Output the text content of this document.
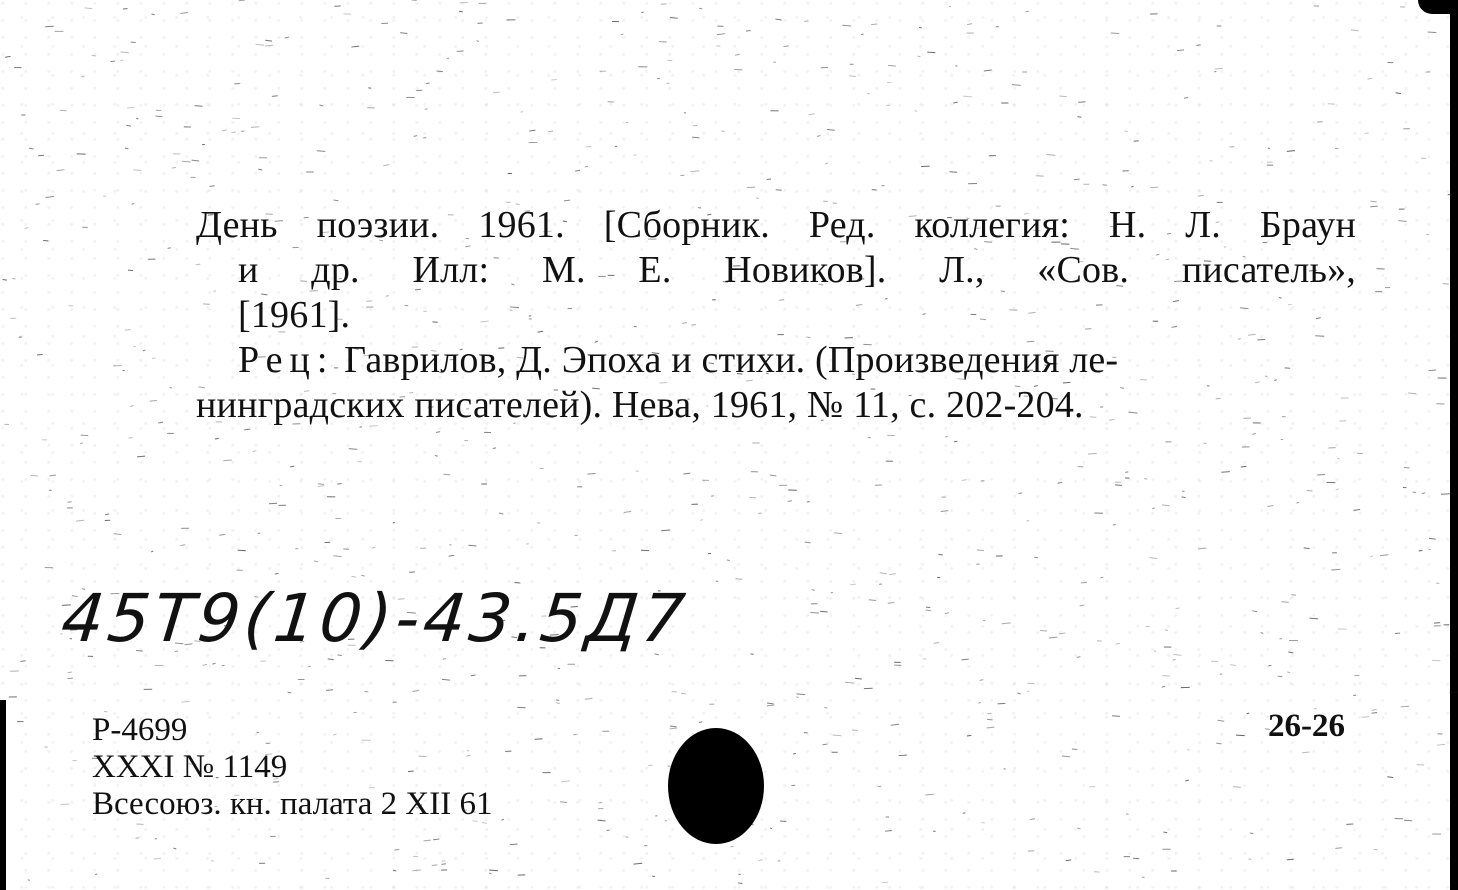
День поэзии. 1961. [Сборник. Ред. коллегия: Н. Л. Браун

и др. Илл: М. Е. Новиков]. Л., «Сов. писатель»,

[1961].

Рец: Гаврилов, Д. Эпоха и стихи. (Произведения ле-

нинградских писателей). Нева, 1961, № 11, с. 202-204.

45Т9(10)-43.5Д7
Р-4699
XXXI № 1149
Всесоюз. кн. палата 2 XII 61
26-26
